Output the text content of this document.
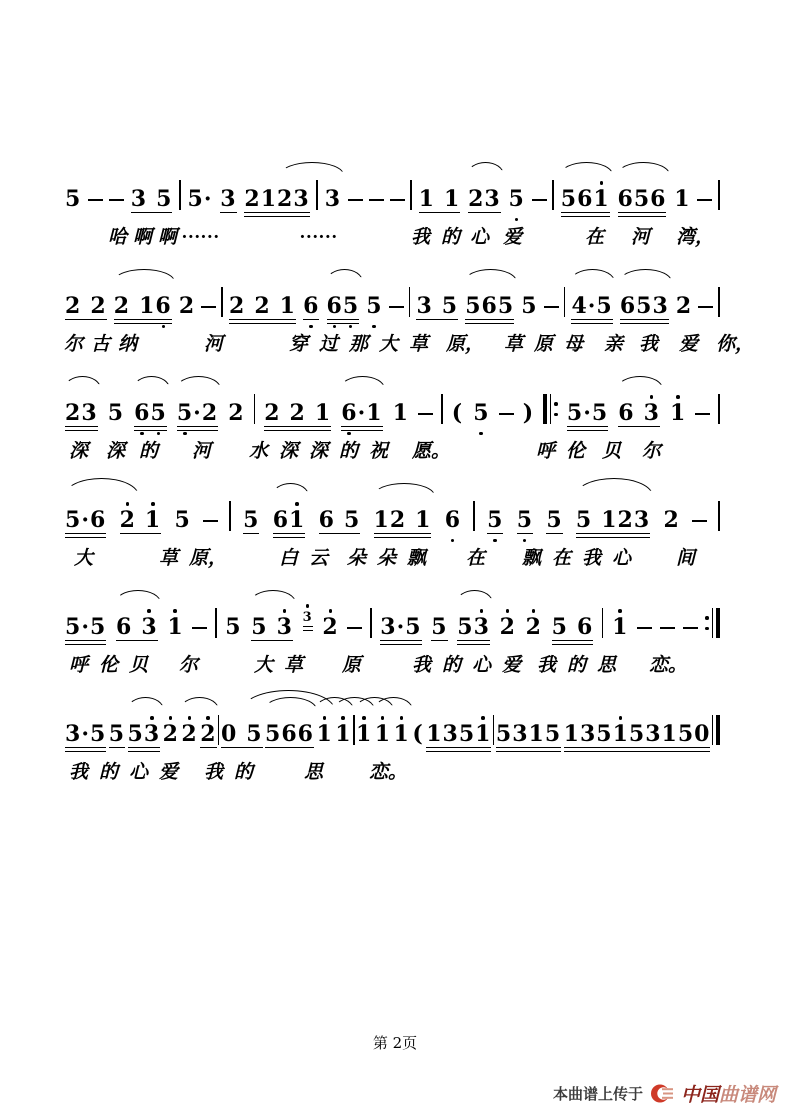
5 3 5 5· 3 2123 3	1 1 23 5 561 656 1
哈 啊 啊 ……	……	我 的 心 爱	在 河 湾，
2 2 2 16 2 2 2 1 6 65 5 3 5 565 5 4·5 653 2
尔 古 纳	河	穿 过 那 大 草 原， 草 原 母 亲 我 爱 你，
23 5 65 5·2 2 2 2 1 6·1 1 ( 5 ) 5·5 6 3 1
深 深 的 河 水 深 深 的 祝 愿。	呼 伦 贝 尔
5·6 2 1 5 5 61 6 5 12 1 6 5 5 5 5 123 2
大	草 原，	白 云 朵 朵 飘 在 飘 在 我 心 间
5·5 6 3 1 5 5 3 3 2 3·5 5 53 2 2 5 6 1
呼 伦 贝 尔	大 草 原	我 的 心 爱 我 的 思 恋。
3·5 5 53 2 2 2 0 5 566 1 1 1 1 1 ( 1351 5315 135153150
我 的 心 爱 我 的	思 恋。
第 2页
本曲谱上传于 中国曲谱网
